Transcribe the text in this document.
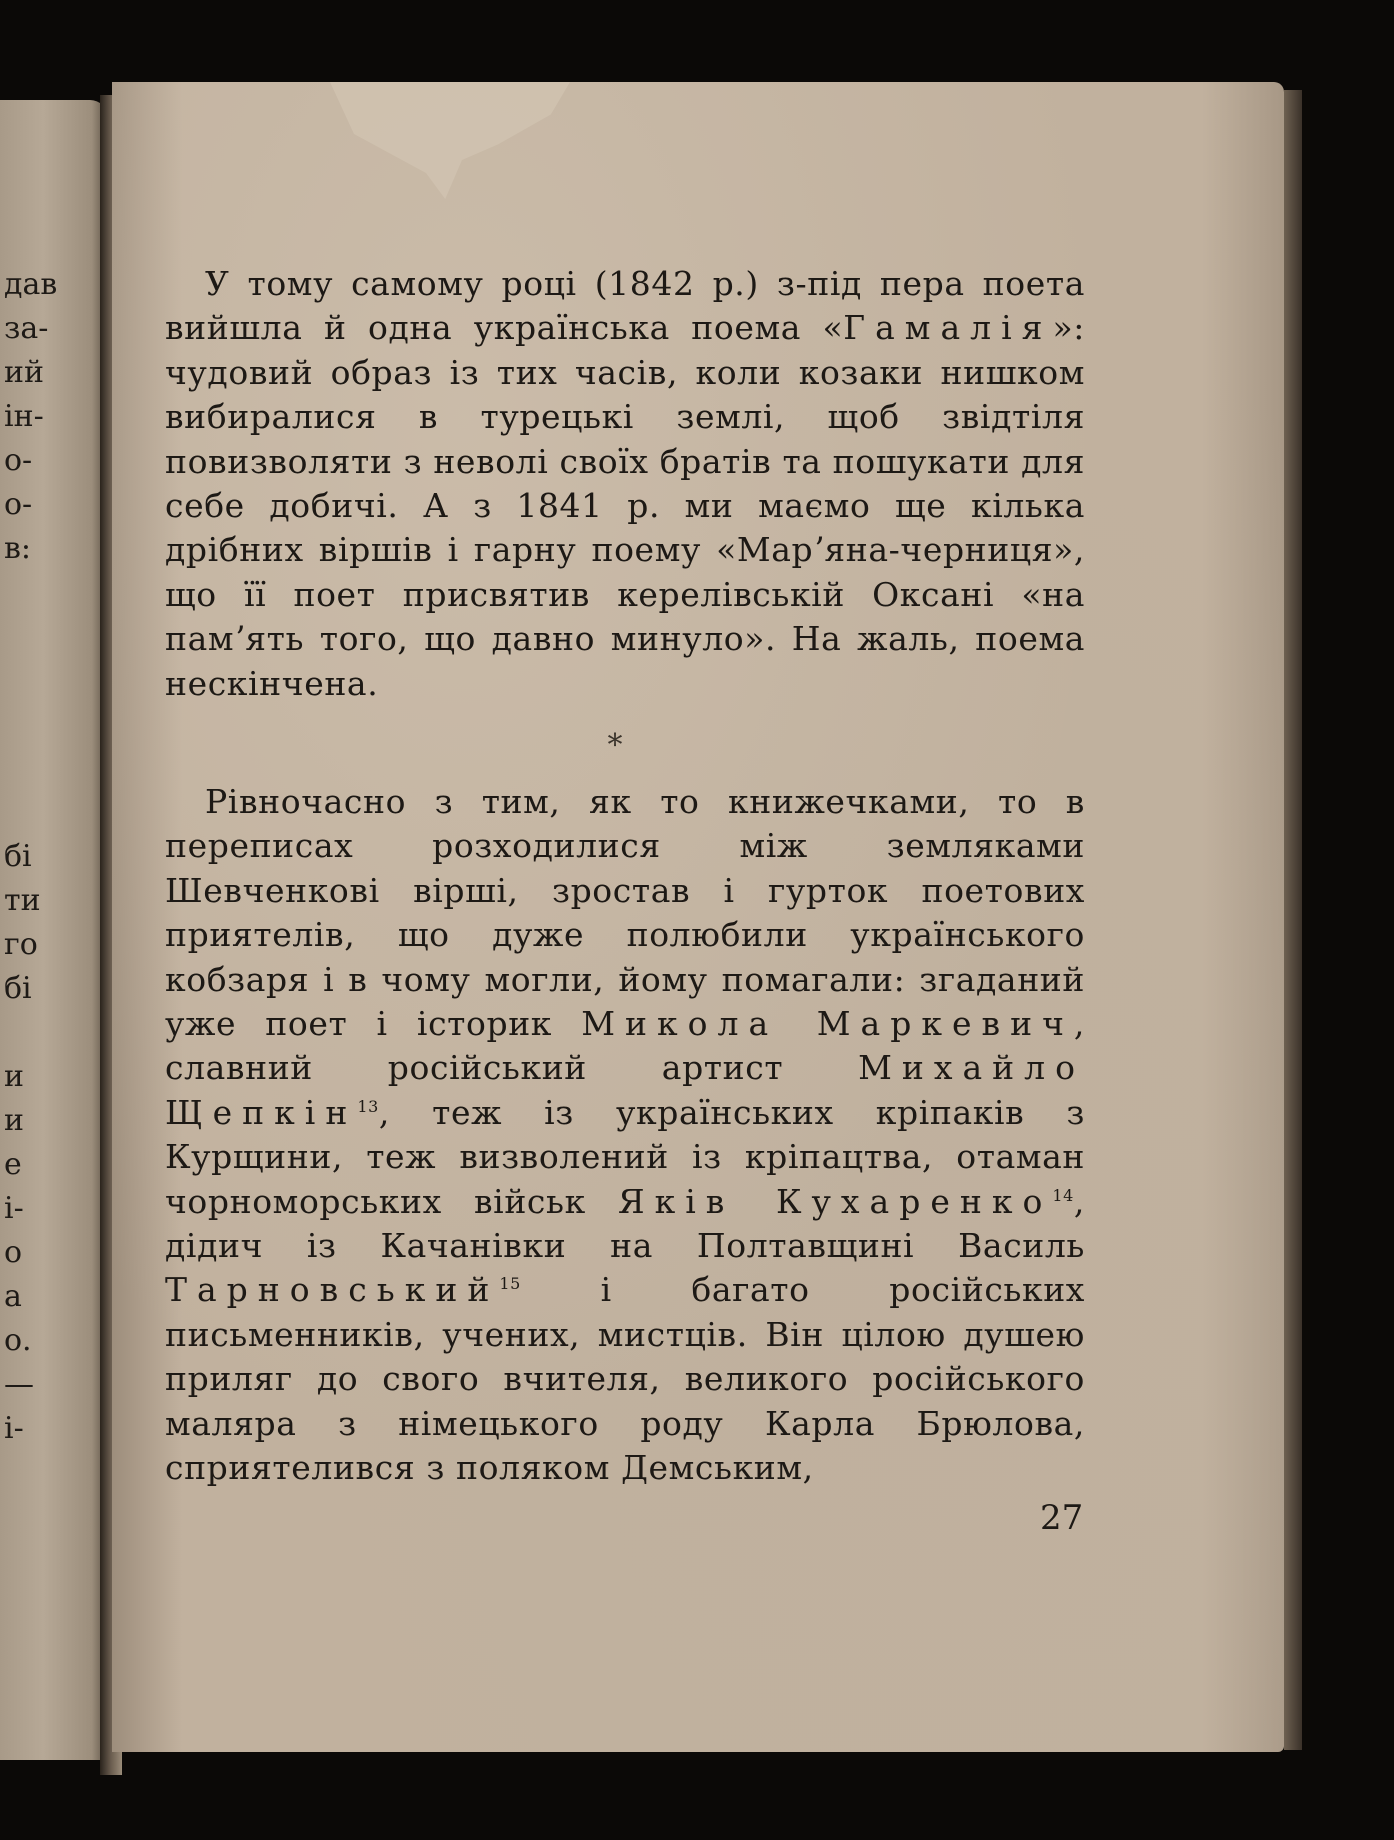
дав
за-
ий
ін-
о-
о-
в:
бі
ти
го
бі
и
и
е
і-
о
а
о.
—
і-

У тому самому році (1842 р.) з-під пера поета вийшла й одна українська поема «Гамалія»: чудовий образ із тих часів, коли козаки нишком вибиралися в турецькі землі, щоб звідтіля повизволяти з неволі своїх братів та пошукати для себе добичі. А з 1841 р. ми маємо ще кілька дрібних віршів і гарну поему «Марʼяна-черниця», що її поет присвятив керелівській Оксані «на памʼять того, що давно минуло». На жаль, поема нескінчена.

*

Рівночасно з тим, як то книжечками, то в переписах розходилися між земляками Шевченкові вірші, зростав і гурток поетових приятелів, що дуже полюбили українського кобзаря і в чому могли, йому помагали: згаданий уже поет і історик Микола Маркевич, славний російський артист Михайло Щепкін$^{13}$, теж із українських кріпаків з Курщини, теж визволений із кріпацтва, отаман чорноморських військ Яків Кухаренко$^{14}$, дідич із Качанівки на Полтавщині Василь Тарновський$^{15}$ і багато російських письменників, учених, мистців. Він цілою душею приляг до свого вчителя, великого російського маляра з німецького роду Карла Брюлова, сприятелився з поляком Демським,

27
